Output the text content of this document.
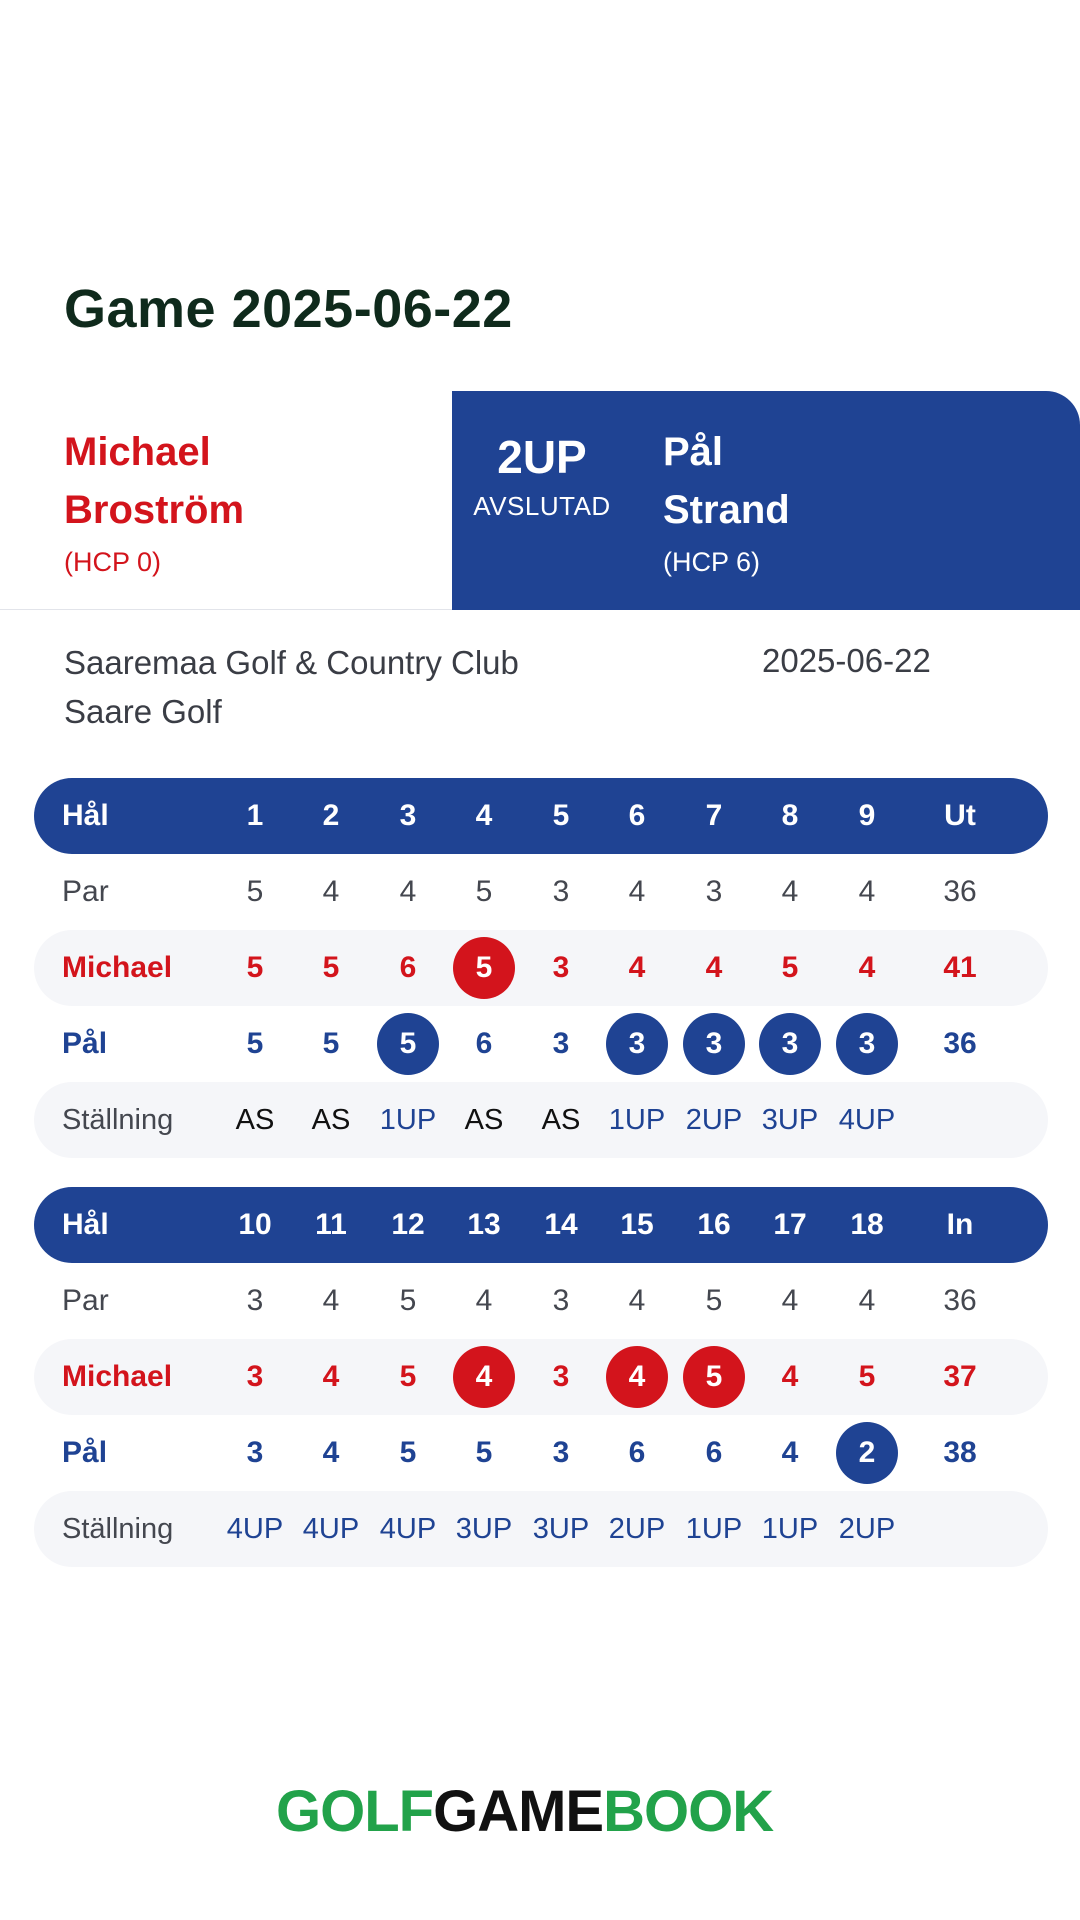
Game 2025-06-22
Michael
Broström
(HCP 0)
2UP
AVSLUTAD
Pål
Strand
(HCP 6)
Saaremaa Golf & Country Club
Saare Golf
2025-06-22
Hål	1	2	3	4	5	6	7	8	9	Ut
Par	5	4	4	5	3	4	3	4	4	36
Michael	5	5	6	5	3	4	4	5	4	41
Pål	5	5	5	6	3	3	3	3	3	36
Ställning	AS	AS	1UP AS	AS 1UP 2UP 3UP 4UP
Hål	10	11	12	13	14	15	16	17	18	In
Par	3	4	5	4	3	4	5	4	4	36
Michael	3	4	5	4	3	4	5	4	5	37
Pål	3	4	5	5	3	6	6	4	2	38
Ställning	4UP 4UP 4UP 3UP 3UP 2UP 1UP 1UP 2UP
GOLFGAMEBOOK
